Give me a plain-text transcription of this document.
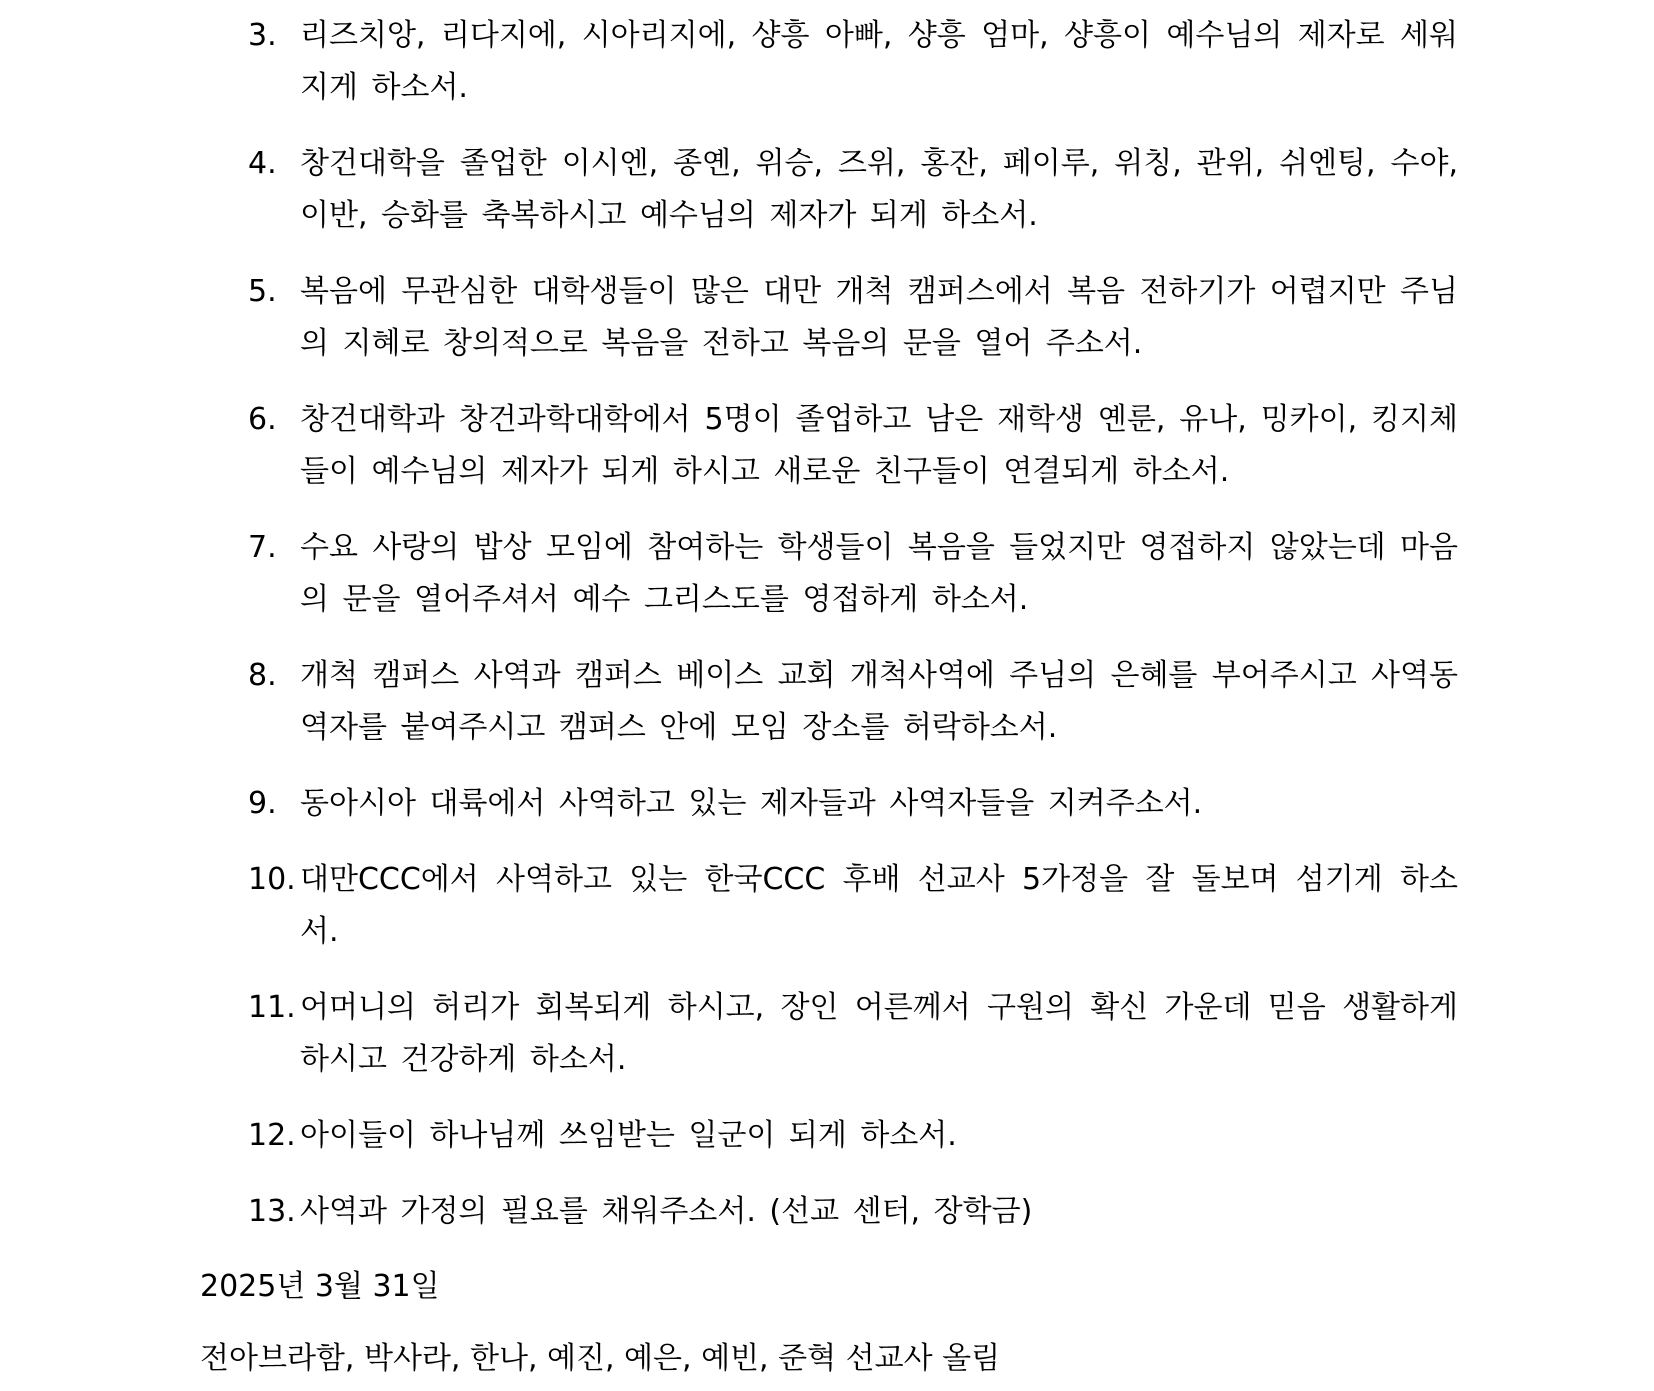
3. 리즈치앙, 리다지에, 시아리지에, 샹흥 아빠, 샹흥 엄마, 샹흥이 예수님의 제자로 세워지게 하소서.
4. 창건대학을 졸업한 이시엔, 종옌, 위승, 즈위, 홍잔, 페이루, 위칭, 관위, 쉬엔팅, 수야, 이반, 승화를 축복하시고 예수님의 제자가 되게 하소서.
5. 복음에 무관심한 대학생들이 많은 대만 개척 캠퍼스에서 복음 전하기가 어렵지만 주님의 지혜로 창의적으로 복음을 전하고 복음의 문을 열어 주소서.
6. 창건대학과 창건과학대학에서 5명이 졸업하고 남은 재학생 옌룬, 유나, 밍카이, 킹지체들이 예수님의 제자가 되게 하시고 새로운 친구들이 연결되게 하소서.
7. 수요 사랑의 밥상 모임에 참여하는 학생들이 복음을 들었지만 영접하지 않았는데 마음의 문을 열어주셔서 예수 그리스도를 영접하게 하소서.
8. 개척 캠퍼스 사역과 캠퍼스 베이스 교회 개척사역에 주님의 은혜를 부어주시고 사역동역자를 붙여주시고 캠퍼스 안에 모임 장소를 허락하소서.
9. 동아시아 대륙에서 사역하고 있는 제자들과 사역자들을 지켜주소서.
10. 대만CCC에서 사역하고 있는 한국CCC 후배 선교사 5가정을 잘 돌보며 섬기게 하소서.
11. 어머니의 허리가 회복되게 하시고, 장인 어른께서 구원의 확신 가운데 믿음 생활하게 하시고 건강하게 하소서.
12. 아이들이 하나님께 쓰임받는 일군이 되게 하소서.
13. 사역과 가정의 필요를 채워주소서. (선교 센터, 장학금)

2025년 3월 31일

전아브라함, 박사라, 한나, 예진, 예은, 예빈, 준혁 선교사 올림
